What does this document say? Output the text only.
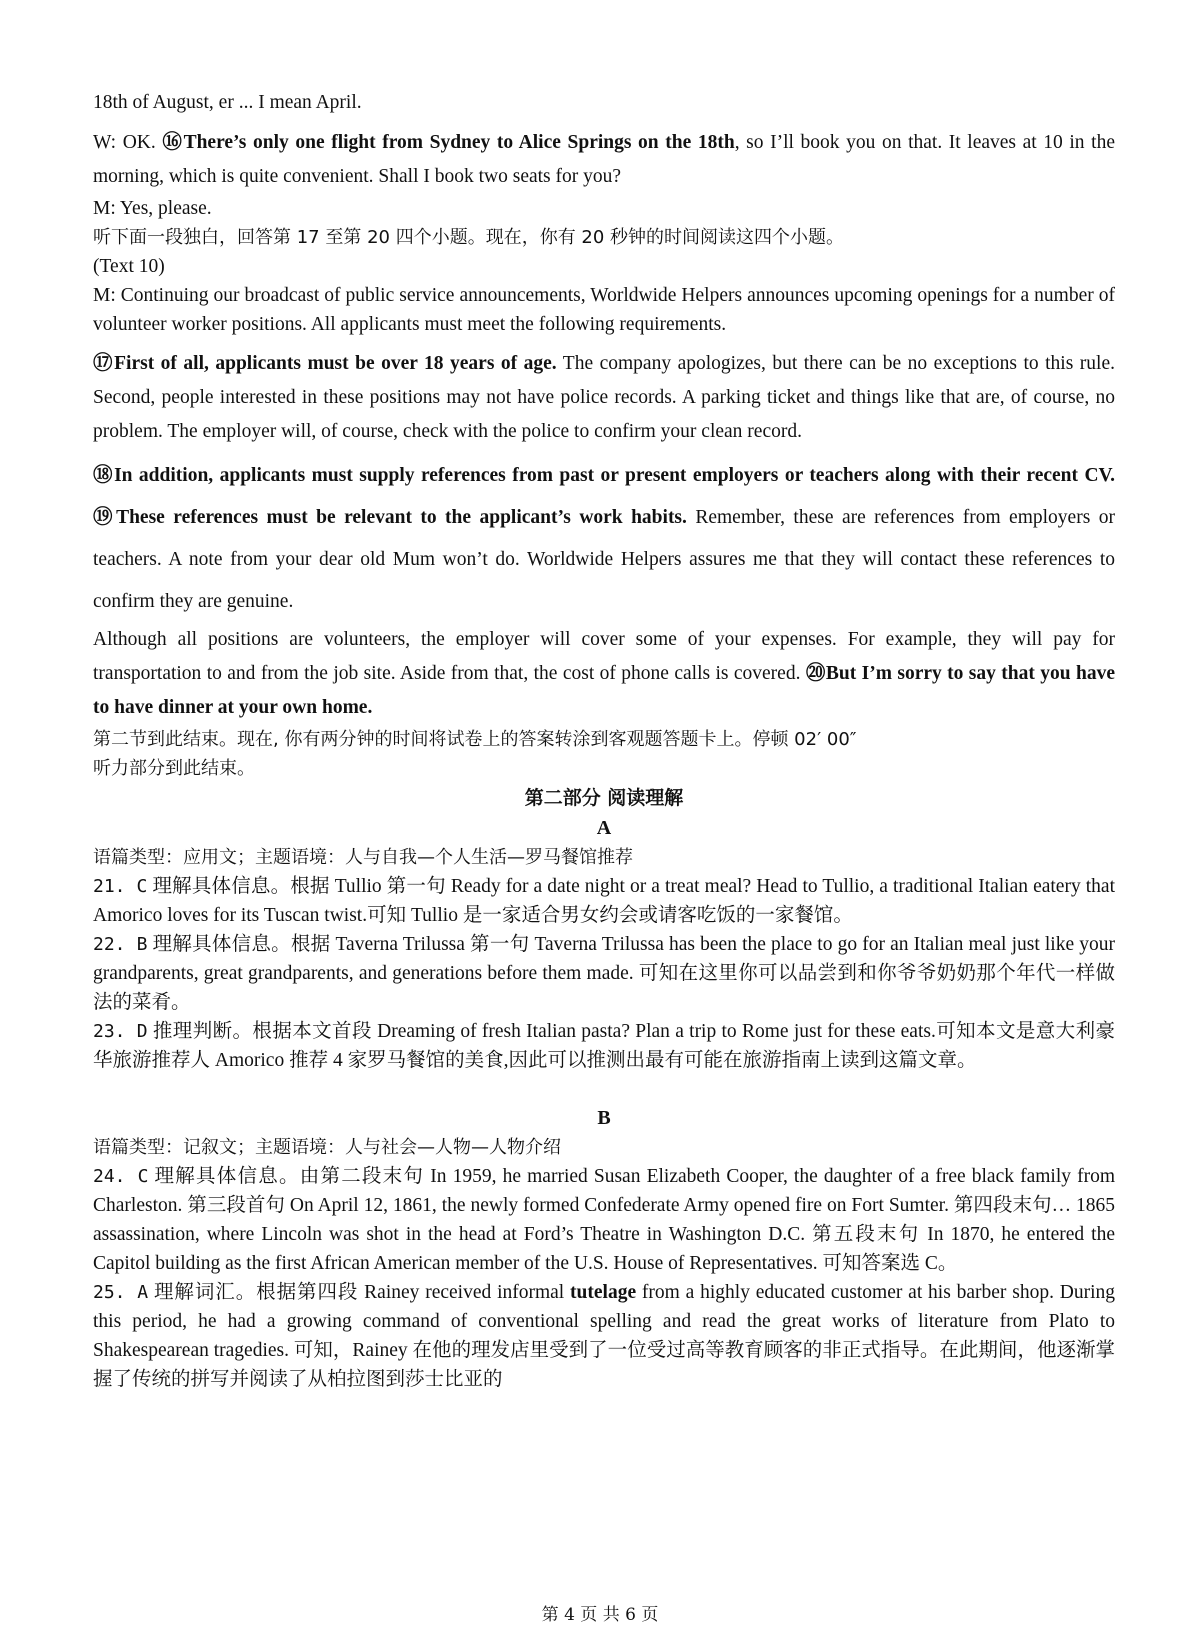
18th of August, er ... I mean April.

W: OK. ⑯There’s only one flight from Sydney to Alice Springs on the 18th, so I’ll book you on that. It leaves at 10 in the morning, which is quite convenient. Shall I book two seats for you?

M: Yes, please.

听下面一段独白，回答第 17 至第 20 四个小题。现在，你有 20 秒钟的时间阅读这四个小题。

(Text 10)

M: Continuing our broadcast of public service announcements, Worldwide Helpers announces upcoming openings for a number of volunteer worker positions. All applicants must meet the following requirements.

⑰First of all, applicants must be over 18 years of age. The company apologizes, but there can be no exceptions to this rule. Second, people interested in these positions may not have police records. A parking ticket and things like that are, of course, no problem. The employer will, of course, check with the police to confirm your clean record.

⑱In addition, applicants must supply references from past or present employers or teachers along with their recent CV. ⑲These references must be relevant to the applicant’s work habits. Remember, these are references from employers or teachers. A note from your dear old Mum won’t do. Worldwide Helpers assures me that they will contact these references to confirm they are genuine.

Although all positions are volunteers, the employer will cover some of your expenses. For example, they will pay for transportation to and from the job site. Aside from that, the cost of phone calls is covered. ⑳But I’m sorry to say that you have to have dinner at your own home.

第二节到此结束。现在, 你有两分钟的时间将试卷上的答案转涂到客观题答题卡上。停顿 02′ 00″

听力部分到此结束。

第二部分 阅读理解

A

语篇类型：应用文；主题语境：人与自我—个人生活—罗马餐馆推荐

21. C 理解具体信息。根据 Tullio 第一句 Ready for a date night or a treat meal? Head to Tullio, a traditional Italian eatery that Amorico loves for its Tuscan twist.可知 Tullio 是一家适合男女约会或请客吃饭的一家餐馆。

22. B 理解具体信息。根据 Taverna Trilussa 第一句 Taverna Trilussa has been the place to go for an Italian meal just like your grandparents, great grandparents, and generations before them made. 可知在这里你可以品尝到和你爷爷奶奶那个年代一样做法的菜肴。

23. D 推理判断。根据本文首段 Dreaming of fresh Italian pasta? Plan a trip to Rome just for these eats.可知本文是意大利豪华旅游推荐人 Amorico 推荐 4 家罗马餐馆的美食,因此可以推测出最有可能在旅游指南上读到这篇文章。

B

语篇类型：记叙文；主题语境：人与社会—人物—人物介绍

24. C 理解具体信息。由第二段末句 In 1959, he married Susan Elizabeth Cooper, the daughter of a free black family from Charleston. 第三段首句 On April 12, 1861, the newly formed Confederate Army opened fire on Fort Sumter. 第四段末句… 1865 assassination, where Lincoln was shot in the head at Ford’s Theatre in Washington D.C. 第五段末句 In 1870, he entered the Capitol building as the first African American member of the U.S. House of Representatives. 可知答案选 C。

25. A 理解词汇。根据第四段 Rainey received informal tutelage from a highly educated customer at his barber shop. During this period, he had a growing command of conventional spelling and read the great works of literature from Plato to Shakespearean tragedies. 可知，Rainey 在他的理发店里受到了一位受过高等教育顾客的非正式指导。在此期间，他逐渐掌握了传统的拼写并阅读了从柏拉图到莎士比亚的

第 4 页 共 6 页
